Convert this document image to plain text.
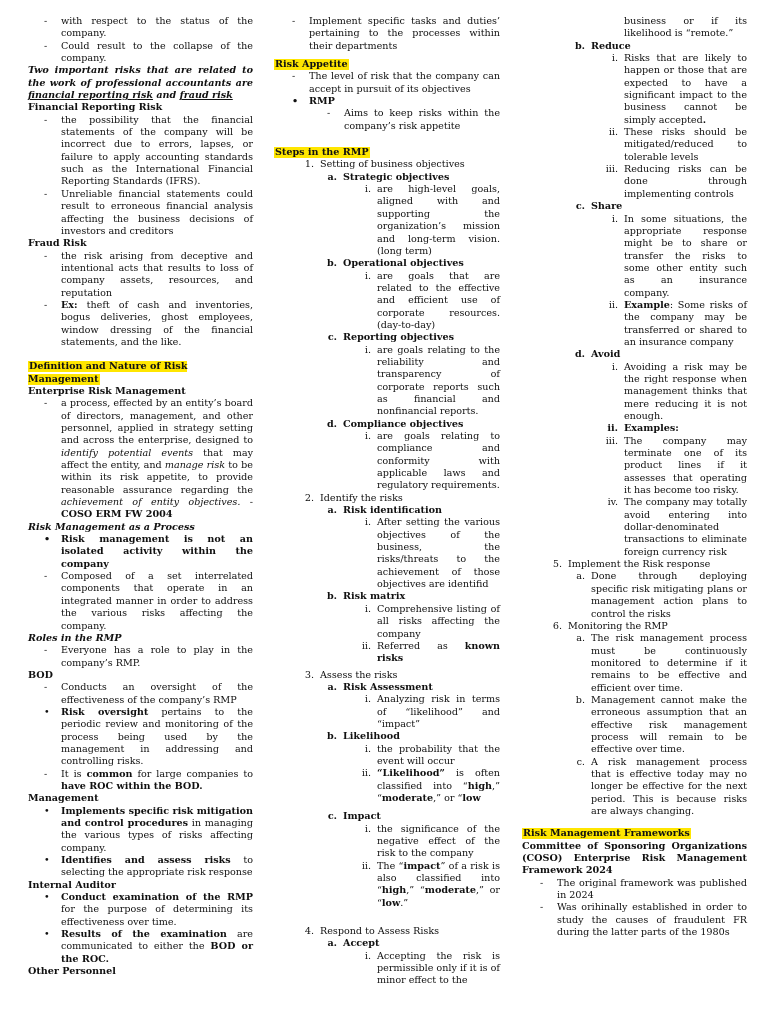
- with respect to the status of the company.
- Could result to the collapse of the company.
Two important risks that are related to the work of professional accountants are financial reporting risk and fraud risk
Financial Reporting Risk
- the possibility that the financial statements of the company will be incorrect due to errors, lapses, or failure to apply accounting standards such as the International Financial Reporting Standards (IFRS).
- Unreliable financial statements could result to erroneous financial analysis affecting the business decisions of investors and creditors
Fraud Risk
- the risk arising from deceptive and intentional acts that results to loss of company assets, resources, and reputation
- Ex: theft of cash and inventories, bogus deliveries, ghost employees, window dressing of the financial statements, and the like.
Definition and Nature of Risk Management
Enterprise Risk Management
- a process, effected by an entity’s board of directors, management, and other personnel, applied in strategy setting and across the enterprise, designed to identify potential events that may affect the entity, and manage risk to be within its risk appetite, to provide reasonable assurance regarding the achievement of entity objectives. - COSO ERM FW 2004
Risk Management as a Process
• Risk management is not an isolated activity within the company
- Composed of a set interrelated components that operate in an integrated manner in order to address the various risks affecting the company.
Roles in the RMP
- Everyone has a role to play in the company’s RMP.
BOD
- Conducts an oversight of the effectiveness of the company’s RMP
• Risk oversight pertains to the periodic review and monitoring of the process being used by the management in addressing and controlling risks.
- It is common for large companies to have ROC within the BOD.
Management
• Implements specific risk mitigation and control procedures in managing the various types of risks affecting company.
• Identifies and assess risks to selecting the appropriate risk response
Internal Auditor
• Conduct examination of the RMP for the purpose of determining its effectiveness over time.
• Results of the examination are communicated to either the BOD or the ROC.
Other Personnel
- Implement specific tasks and duties’ pertaining to the processes within their departments
Risk Appetite
- The level of risk that the company can accept in pursuit of its objectives
• RMP
- Aims to keep risks within the company’s risk appetite
Steps in the RMP
1. Setting of business objectives
a. Strategic objectives
i. are high-level goals, aligned with and supporting the organization’s mission and long-term vision. (long term)
b. Operational objectives
i. are goals that are related to the effective and efficient use of corporate resources. (day-to-day)
c. Reporting objectives
i. are goals relating to the reliability and transparency of corporate reports such as financial and nonfinancial reports.
d. Compliance objectives
i. are goals relating to compliance and conformity with applicable laws and regulatory requirements.
2. Identify the risks
a. Risk identification
i. After setting the various objectives of the business, the risks/threats to the achievement of those objectives are identifid
b. Risk matrix
i. Comprehensive listing of all risks affecting the company
ii. Referred as known risks
3. Assess the risks
a. Risk Assessment
i. Analyzing risk in terms of “likelihood” and “impact”
b. Likelihood
i. the probability that the event will occur
ii. “Likelihood” is often classified into “high,” “moderate,” or “low
c. Impact
i. the significance of the negative effect of the risk to the company
ii. The “impact” of a risk is also classified into “high,” “moderate,” or “low.”
4. Respond to Assess Risks
a. Accept
i. Accepting the risk is permissible only if it is of minor effect to the
business or if its likelihood is “remote.”
b. Reduce
i. Risks that are likely to happen or those that are expected to have a significant impact to the business cannot be simply accepted.
ii. These risks should be mitigated/reduced to tolerable levels
iii. Reducing risks can be done through implementing controls
c. Share
i. In some situations, the appropriate response might be to share or transfer the risks to some other entity such as an insurance company.
ii. Example: Some risks of the company may be transferred or shared to an insurance company
d. Avoid
i. Avoiding a risk may be the right response when management thinks that mere reducing it is not enough.
ii. Examples:
iii. The company may terminate one of its product lines if it assesses that operating it has become too risky.
iv. The company may totally avoid entering into dollar-denominated transactions to eliminate foreign currency risk
5. Implement the Risk response
a. Done through deploying specific risk mitigating plans or management action plans to control the risks
6. Monitoring the RMP
a. The risk management process must be continuously monitored to determine if it remains to be effective and efficient over time.
b. Management cannot make the erroneous assumption that an effective risk management process will remain to be effective over time.
c. A risk management process that is effective today may no longer be effective for the next period. This is because risks are always changing.
Risk Management Frameworks
Committee of Sponsoring Organizations (COSO) Enterprise Risk Management Framework 2024
- The original framework was published in 2024
- Was orihinally established in order to study the causes of fraudulent FR during the latter parts of the 1980s
